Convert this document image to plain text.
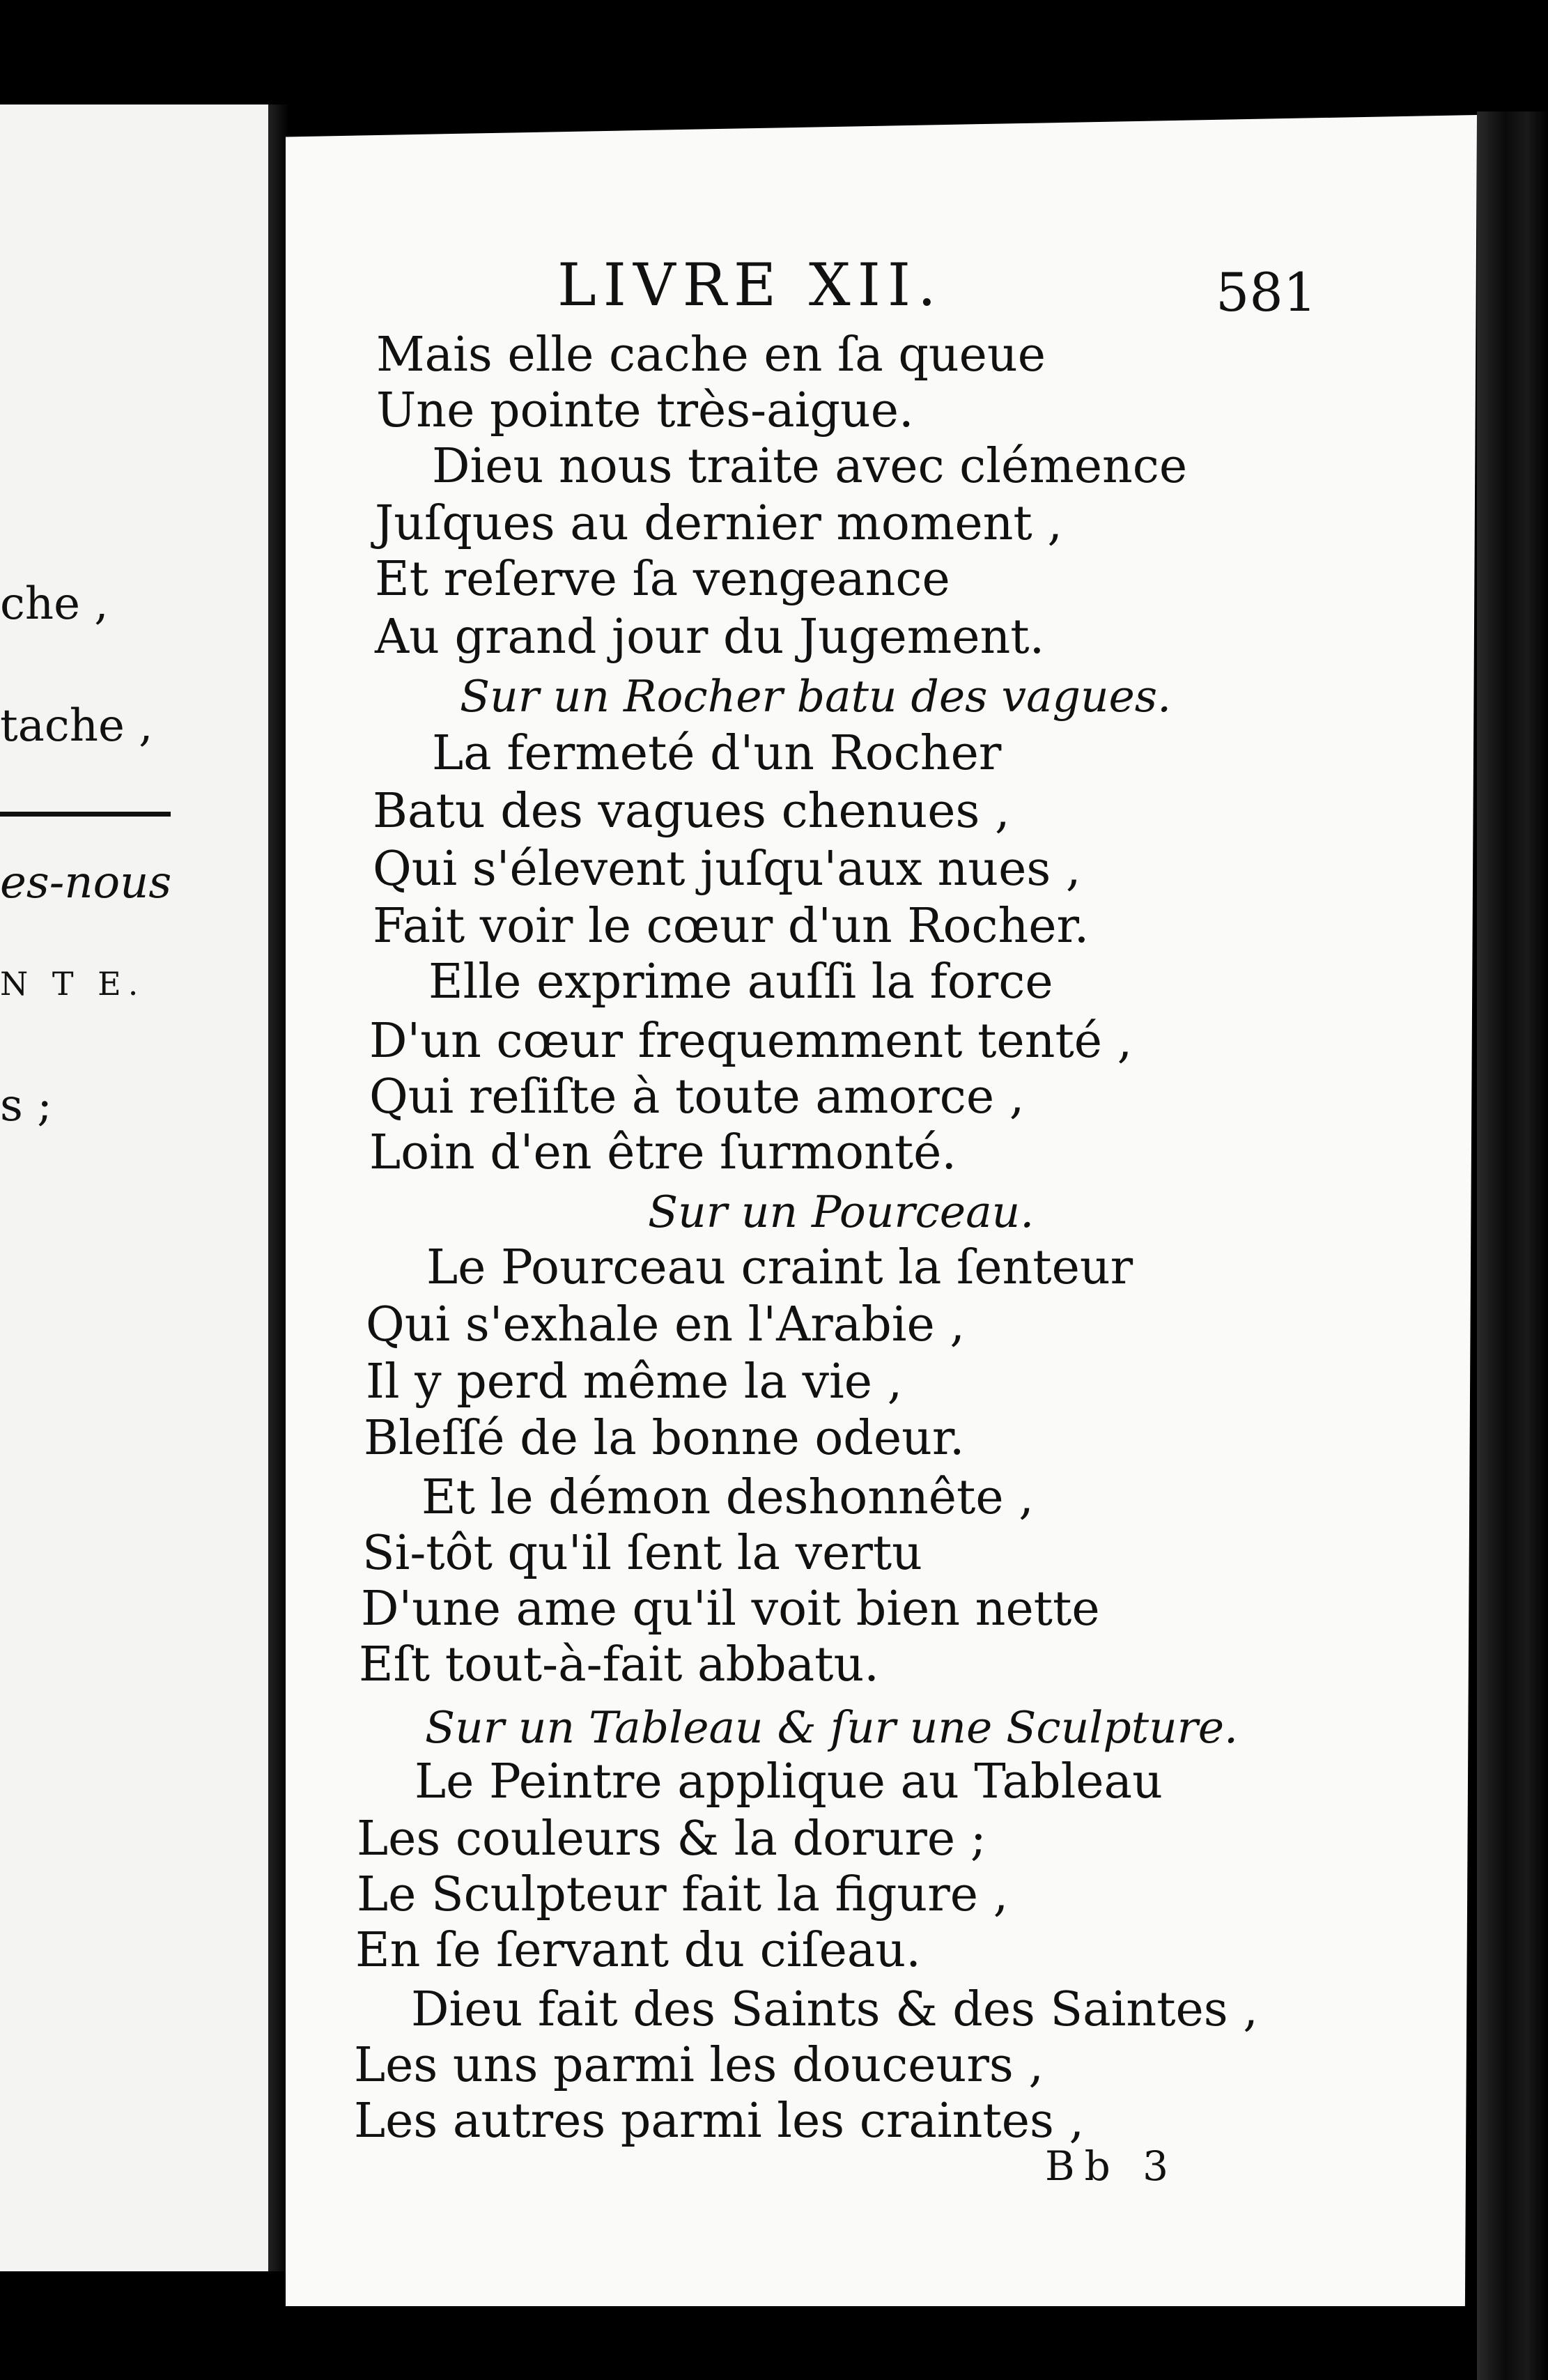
che ,
tache ,
es-nous
N T E.
s ;
LIVRE XII.	581
Mais elle cache en ſa queue
Une pointe très-aigue.
Dieu nous traite avec clémence
Juſques au dernier moment ,
Et reſerve ſa vengeance
Au grand jour du Jugement.
Sur un Rocher batu des vagues.
La fermeté d'un Rocher
Batu des vagues chenues ,
Qui s'élevent juſqu'aux nues ,
Fait voir le cœur d'un Rocher.
Elle exprime auſſi la force
D'un cœur frequemment tenté ,
Qui reſiſte à toute amorce ,
Loin d'en être ſurmonté.
Sur un Pourceau.
Le Pourceau craint la ſenteur
Qui s'exhale en l'Arabie ,
Il y perd même la vie ,
Bleſſé de la bonne odeur.
Et le démon deshonnête ,
Si-tôt qu'il ſent la vertu
D'une ame qu'il voit bien nette
Eſt tout-à-fait abbatu.
Sur un Tableau & ſur une Sculpture.
Le Peintre applique au Tableau
Les couleurs & la dorure ;
Le Sculpteur fait la figure ,
En ſe ſervant du ciſeau.
Dieu fait des Saints & des Saintes ,
Les uns parmi les douceurs ,
Les autres parmi les craintes ,
Bb 3
